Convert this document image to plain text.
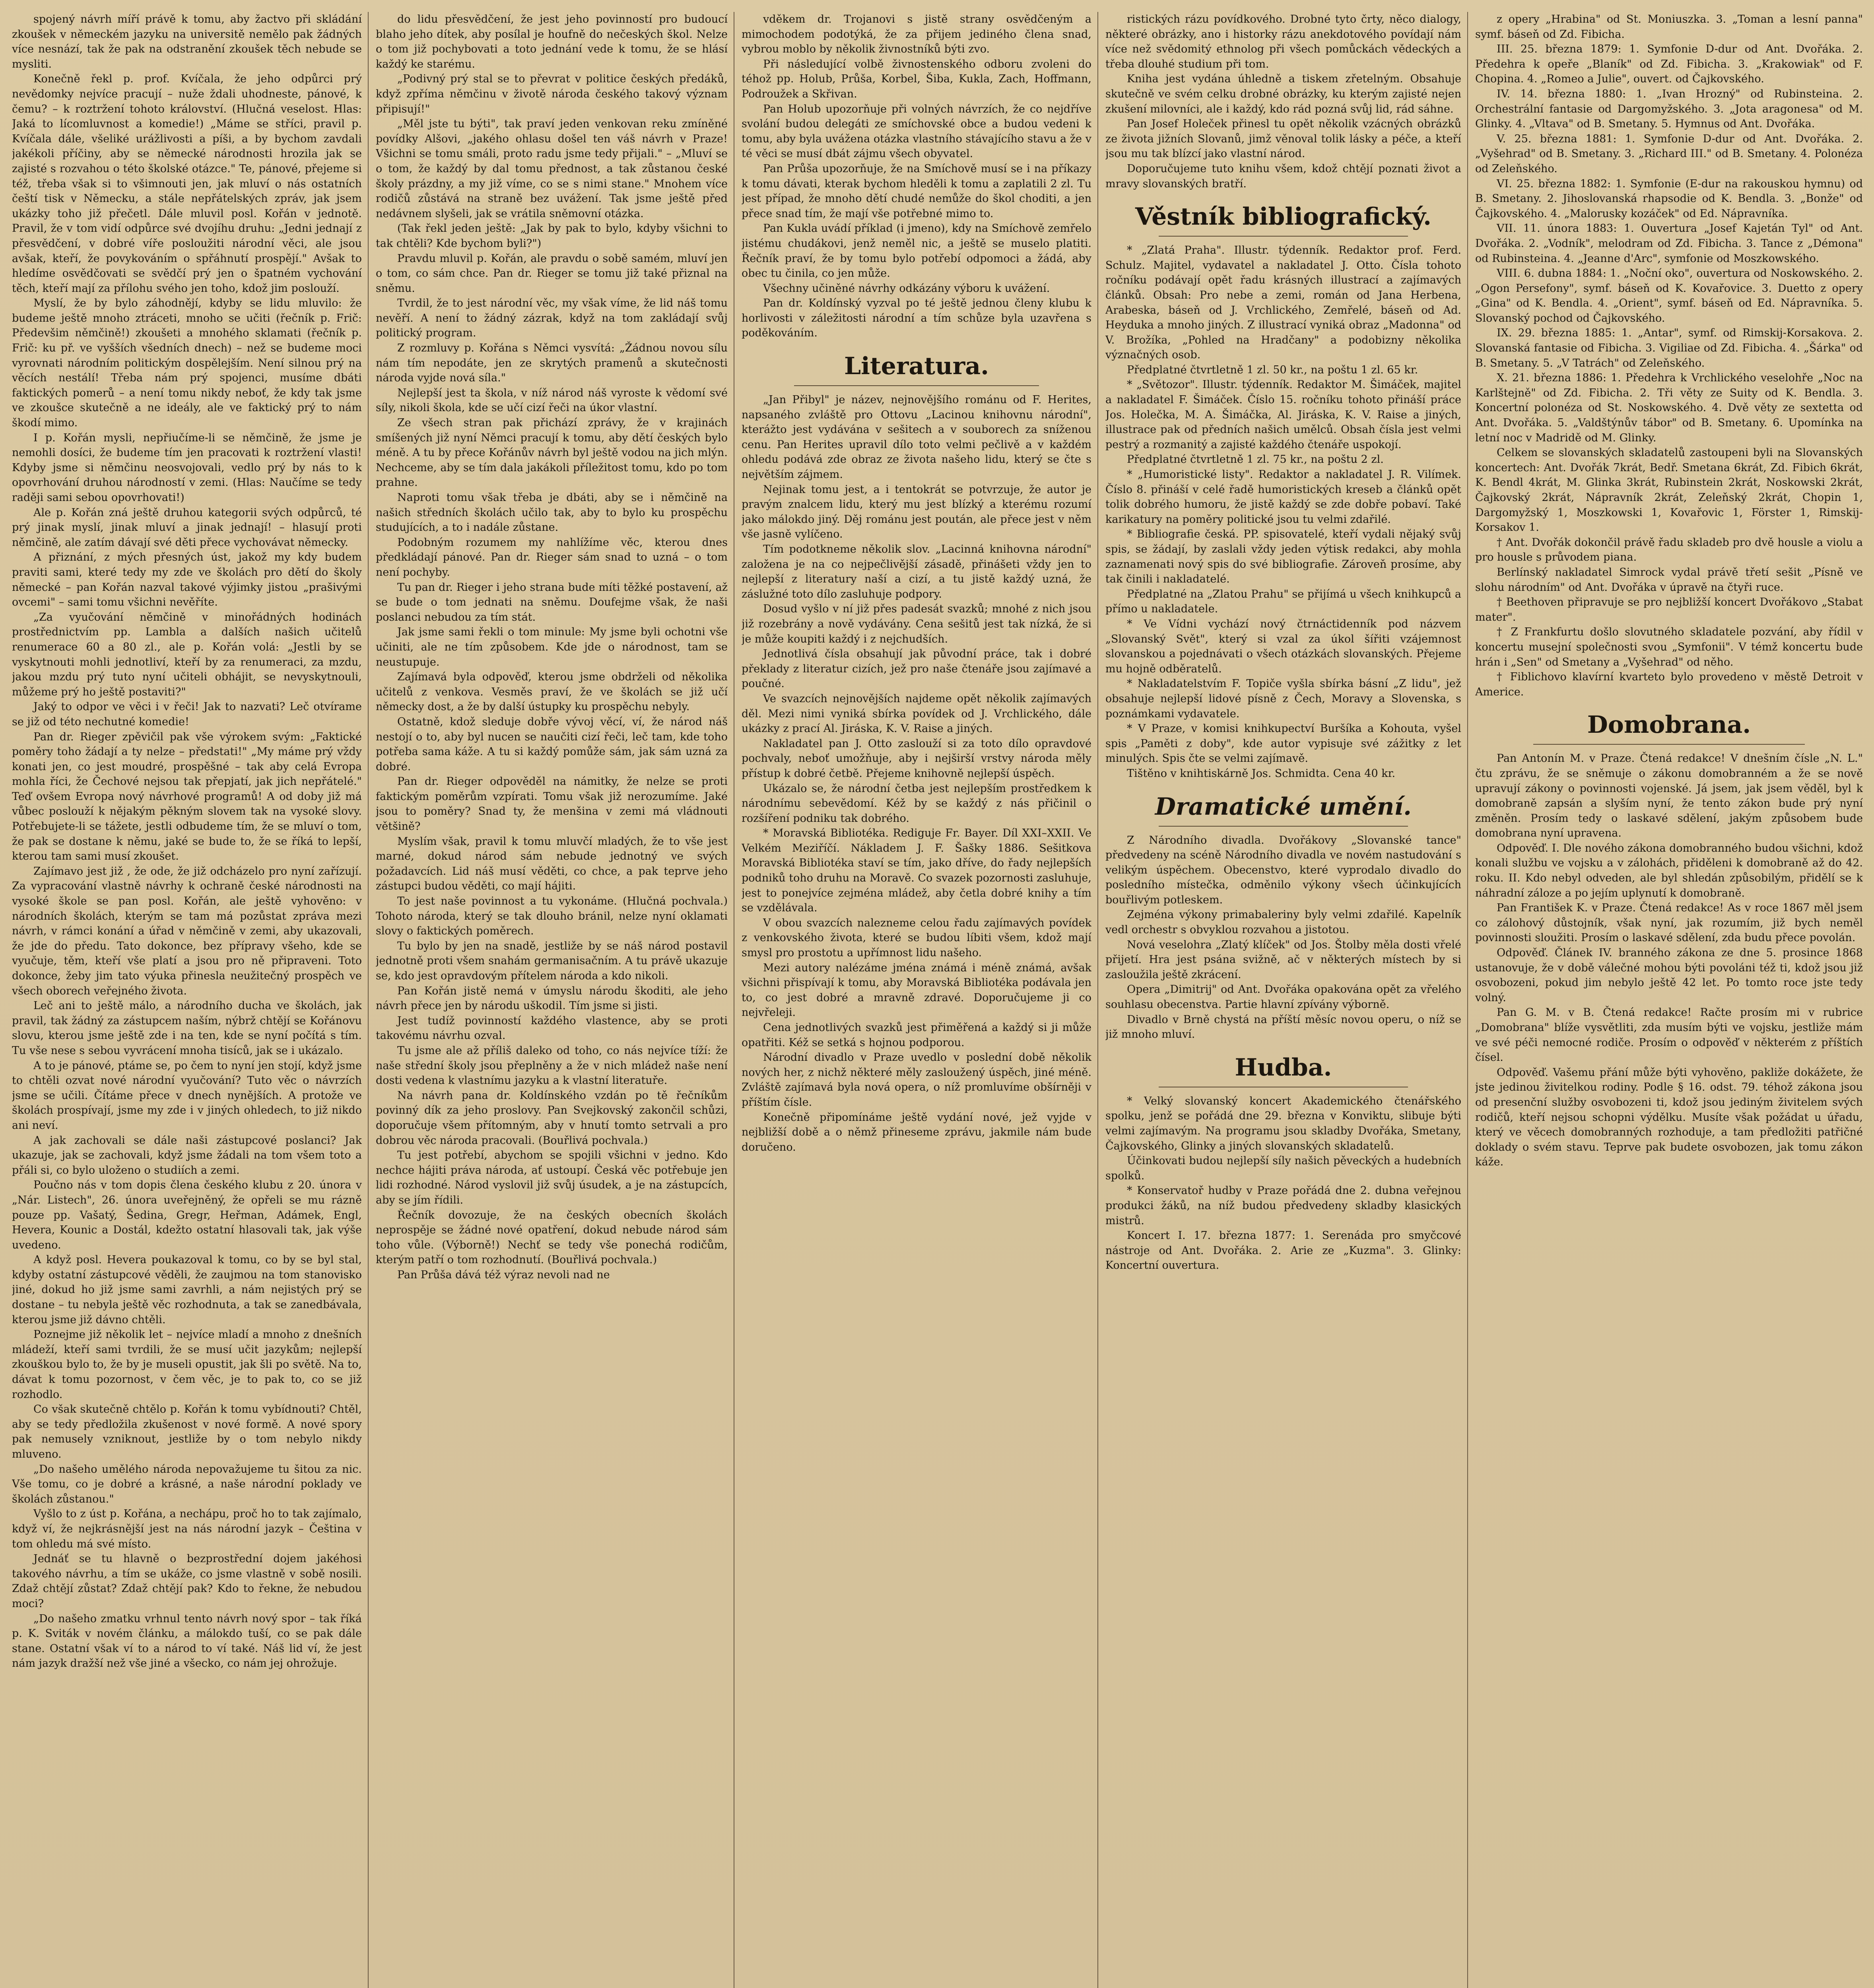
spojený návrh míří právě k tomu, aby žactvo při skládání zkoušek v německém jazyku na universitě nemělo pak žádných více nesnází, tak že pak na odstranění zkoušek těch nebude se mysliti.

Konečně řekl p. prof. Kvíčala, že jeho odpůrci prý nevědomky nejvíce pracují – nuže ždali uhodneste, pánové, k čemu? – k roztržení tohoto království. (Hlučná veselost. Hlas: Jaká to lícomluvnost a komedie!) „Máme se stříci, pravil p. Kvíčala dále, všeliké urážlivosti a píši, a by bychom zavdali jakékoli příčiny, aby se německé národnosti hrozila jak se zajisté s rozvahou o této školské otázce." Te, pánové, přejeme si též, třeba však si to všimnouti jen, jak mluví o nás ostatních čeští tisk v Německu, a stále nepřátelských zpráv, jak jsem ukázky toho již přečetl. Dále mluvil posl. Kořán v jednotě. Pravil, že v tom vidí odpůrce své dvojíhu druhu: „Jedni jednají z přesvědčení, v dobré víře posloužiti národní věci, ale jsou avšak, kteří, že povykováním o spřáhnutí prospějí." Avšak to hledíme osvědčovati se svědčí prý jen o špatném vychování těch, kteří mají za přílohu svého jen toho, kdož jim poslouží.

Myslí, že by bylo záhodnějí, kdyby se lidu mluvilo: že budeme ještě mnoho ztráceti, mnoho se učiti (řečník p. Frič: Předevšim němčině!) zkoušeti a mnohého sklamati (řečník p. Frič: ku př. ve vyšších všedních dnech) – než se budeme moci vyrovnati národním politickým dospělejším. Není silnou prý na věcích nestálí! Třeba nám prý spojenci, musíme dbáti faktických pomerů – a není tomu nikdy neboť, že kdy tak jsme ve zkoušce skutečně a ne ideály, ale ve faktický prý to nám škodí mimo.

I p. Kořán mysli, nepřiučíme-li se němčině, že jsme je nemohli dosíci, že budeme tím jen pracovati k roztržení vlasti! Kdyby jsme si němčinu neosvojovali, vedlo prý by nás to k opovrhování druhou národností v zemi. (Hlas: Naučíme se tedy raději sami sebou opovrhovati!)

Ale p. Kořán zná ještě druhou kategorii svých odpůrců, té prý jinak myslí, jinak mluví a jinak jednají! – hlasují proti němčině, ale zatím dávají své děti přece vychovávat německy.

A přiznání, z mých přesných úst, jakož my kdy budem praviti sami, které tedy my zde ve školách pro dětí do školy německé – pan Kořán nazval takové výjimky jistou „prašivými ovcemi" – sami tomu všichni nevěříte.

„Za vyučování němčině v minořádných hodinách prostřednictvím pp. Lambla a dalších našich učitelů renumerace 60 a 80 zl., ale p. Kořán volá: „Jestli by se vyskytnouti mohli jednotliví, kteří by za renumeraci, za mzdu, jakou mzdu prý tuto nyní učiteli obhájit, se nevyskytnouli, můžeme prý ho ještě postaviti?"

Jaký to odpor ve věci i v řeči! Jak to nazvati? Leč otvírame se již od této nechutné komedie!

Pan dr. Rieger zpěvičil pak vše výrokem svým: „Faktické poměry toho žádají a ty nelze – předstati!" „My máme prý vždy konati jen, co jest moudré, prospěšné – tak aby celá Evropa mohla říci, že Čechové nejsou tak přepjatí, jak jich nepřátelé." Teď ovšem Evropa nový návrhové programů! A od doby již má vůbec poslouží k nějakým pěkným slovem tak na vysoké slovy. Potřebujete-li se tážete, jestli odbudeme tím, že se mluví o tom, že pak se dostane k němu, jaké se bude to, že se říká to lepší, kterou tam sami musí zkoušet.

Zajímavo jest již , že ode, že již odcházelo pro nyní zařízují. Za vypracování vlastně návrhy k ochraně české národnosti na vysoké škole se pan posl. Kořán, ale ještě vyhověno: v národních školách, kterým se tam má pozůstat zpráva mezi návrh, v rámci konání a úřad v němčině v zemi, aby ukazovali, že jde do předu. Tato dokonce, bez přípravy všeho, kde se vyučuje, těm, kteří vše platí a jsou pro ně připraveni. Toto dokonce, žeby jim tato výuka přinesla neužitečný prospěch ve všech oborech veřejného života.

Leč ani to ještě málo, a národního ducha ve školách, jak pravil, tak žádný za zástupcem naším, nýbrž chtějí se Kořánovu slovu, kterou jsme ještě zde i na ten, kde se nyní počítá s tím. Tu vše nese s sebou vyvrácení mnoha tisíců, jak se i ukázalo.

A to je pánové, ptáme se, po čem to nyní jen stojí, když jsme to chtěli ozvat nové národní vyučování? Tuto věc o návrzích jsme se učili. Čítáme přece v dnech nynějších. A protože ve školách prospívají, jsme my zde i v jiných ohledech, to již nikdo ani neví.

A jak zachovali se dále naši zástupcové poslanci? Jak ukazuje, jak se zachovali, když jsme žádali na tom všem toto a přáli si, co bylo uloženo o studiích a zemi.

Poučno nás v tom dopis člena českého klubu z 20. února v „Nár. Listech", 26. února uveřejněný, že opřeli se mu rázně pouze pp. Vašatý, Šedina, Gregr, Heřman, Adámek, Engl, Hevera, Kounic a Dostál, kdežto ostatní hlasovali tak, jak výše uvedeno.

A když posl. Hevera poukazoval k tomu, co by se byl stal, kdyby ostatní zástupcové věděli, že zaujmou na tom stanovisko jiné, dokud ho již jsme sami zavrhli, a nám nejistých prý se dostane – tu nebyla ještě věc rozhodnuta, a tak se zanedbávala, kterou jsme již dávno chtěli.

Poznejme již několik let – nejvíce mladí a mnoho z dnešních mládeží, kteří sami tvrdili, že se musí učit jazykům; nejlepší zkouškou bylo to, že by je museli opustit, jak šli po světě. Na to, dávat k tomu pozornost, v čem věc, je to pak to, co se již rozhodlo.

Co však skutečně chtělo p. Kořán k tomu vybídnouti? Chtěl, aby se tedy předložila zkušenost v nové formě. A nové spory pak nemusely vzniknout, jestliže by o tom nebylo nikdy mluveno.

„Do našeho umělého národa nepovažujeme tu šitou za nic. Vše tomu, co je dobré a krásné, a naše národní poklady ve školách zůstanou."

Vyšlo to z úst p. Kořána, a nechápu, proč ho to tak zajímalo, když ví, že nejkrásnější jest na nás národní jazyk – Čeština v tom ohledu má své místo.

Jednáť se tu hlavně o bezprostřední dojem jakéhosi takového návrhu, a tím se ukáže, co jsme vlastně v sobě nosili. Zdaž chtějí zůstat? Zdaž chtějí pak? Kdo to řekne, že nebudou moci?

„Do našeho zmatku vrhnul tento návrh nový spor – tak říká p. K. Sviták v novém článku, a málokdo tuší, co se pak dále stane. Ostatní však ví to a národ to ví také. Náš lid ví, že jest nám jazyk dražší než vše jiné a všecko, co nám jej ohrožuje.

do lidu přesvědčení, že jest jeho povinností pro budoucí blaho jeho dítek, aby posílal je houfně do nečeských škol. Nelze o tom již pochybovati a toto jednání vede k tomu, že se hlásí každý ke starému.

„Podivný prý stal se to převrat v politice českých předáků, když zpříma němčinu v životě národa českého takový význam připisují!"

„Měl jste tu býti", tak praví jeden venkovan reku zmíněné povídky Alšovi, „jakého ohlasu došel ten váš návrh v Praze! Všichni se tomu smáli, proto radu jsme tedy přijali." – „Mluví se o tom, že každý by dal tomu přednost, a tak zůstanou české školy prázdny, a my již víme, co se s nimi stane." Mnohem více rodičů zůstává na straně bez uvážení. Tak jsme ještě před nedávnem slyšeli, jak se vrátila sněmovní otázka.

(Tak řekl jeden ještě: „Jak by pak to bylo, kdyby všichni to tak chtěli? Kde bychom byli?")

Pravdu mluvil p. Kořán, ale pravdu o sobě samém, mluví jen o tom, co sám chce. Pan dr. Rieger se tomu již také přiznal na sněmu.

Tvrdil, že to jest národní věc, my však víme, že lid náš tomu nevěří. A není to žádný zázrak, když na tom zakládají svůj politický program.

Z rozmluvy p. Kořána s Němci vysvítá: „Žádnou novou sílu nám tím nepodáte, jen ze skrytých pramenů a skutečnosti národa vyjde nová síla."

Nejlepší jest ta škola, v níž národ náš vyroste k vědomí své síly, nikoli škola, kde se učí cizí řeči na úkor vlastní.

Ze všech stran pak přichází zprávy, že v krajinách smíšených již nyní Němci pracují k tomu, aby dětí českých bylo méně. A tu by přece Kořánův návrh byl ještě vodou na jich mlýn. Nechceme, aby se tím dala jakákoli příležitost tomu, kdo po tom prahne.

Naproti tomu však třeba je dbáti, aby se i němčině na našich středních školách učilo tak, aby to bylo ku prospěchu studujících, a to i nadále zůstane.

Podobným rozumem my nahlížíme věc, kterou dnes předkládají pánové. Pan dr. Rieger sám snad to uzná – o tom není pochyby.

Tu pan dr. Rieger i jeho strana bude míti těžké postavení, až se bude o tom jednati na sněmu. Doufejme však, že naši poslanci nebudou za tím stát.

Jak jsme sami řekli o tom minule: My jsme byli ochotni vše učiniti, ale ne tím způsobem. Kde jde o národnost, tam se neustupuje.

Zajímavá byla odpověď, kterou jsme obdrželi od několika učitelů z venkova. Vesměs praví, že ve školách se již učí německy dost, a že by další ústupky ku prospěchu nebyly.

Ostatně, kdož sleduje dobře vývoj věcí, ví, že národ náš nestojí o to, aby byl nucen se naučiti cizí řeči, leč tam, kde toho potřeba sama káže. A tu si každý pomůže sám, jak sám uzná za dobré.

Pan dr. Rieger odpověděl na námitky, že nelze se proti faktickým poměrům vzpírati. Tomu však již nerozumíme. Jaké jsou to poměry? Snad ty, že menšina v zemi má vládnouti většině?

Myslím však, pravil k tomu mluvčí mladých, že to vše jest marné, dokud národ sám nebude jednotný ve svých požadavcích. Lid náš musí věděti, co chce, a pak teprve jeho zástupci budou věděti, co mají hájiti.

To jest naše povinnost a tu vykonáme. (Hlučná pochvala.) Tohoto národa, který se tak dlouho bránil, nelze nyní oklamati slovy o faktických poměrech.

Tu bylo by jen na snadě, jestliže by se náš národ postavil jednotně proti všem snahám germanisačním. A tu právě ukazuje se, kdo jest opravdovým přítelem národa a kdo nikoli.

Pan Kořán jistě nemá v úmyslu národu škoditi, ale jeho návrh přece jen by národu uškodil. Tím jsme si jisti.

Jest tudíž povinností každého vlastence, aby se proti takovému návrhu ozval.

Tu jsme ale až příliš daleko od toho, co nás nejvíce tíží: že naše střední školy jsou přeplněny a že v nich mládež naše není dosti vedena k vlastnímu jazyku a k vlastní literatuře.

Na návrh pana dr. Koldínského vzdán po tě řečníkům povinný dík za jeho proslovy. Pan Svejkovský zakončil schůzi, doporučuje všem přítomným, aby v hnutí tomto setrvali a pro dobrou věc národa pracovali. (Bouřlivá pochvala.)

Tu jest potřebí, abychom se spojili všichni v jedno. Kdo nechce hájiti práva národa, ať ustoupí. Česká věc potřebuje jen lidi rozhodné. Národ vyslovil již svůj úsudek, a je na zástupcích, aby se jím řídili.

Řečník dovozuje, že na českých obecních školách neprospěje se žádné nové opatření, dokud nebude národ sám toho vůle. (Výborně!) Nechť se tedy vše ponechá rodičům, kterým patří o tom rozhodnutí. (Bouřlivá pochvala.)

Pan Průša dává též výraz nevoli nad ne

vděkem dr. Trojanovi s jistě strany osvědčeným a mimochodem podotýká, že za přijem jediného člena snad, vybrou moblo by několik živnostníků býti zvo.

Při následující volbě živnostenského odboru zvoleni do téhož pp. Holub, Průša, Korbel, Šiba, Kukla, Zach, Hoffmann, Podroužek a Skřivan.

Pan Holub upozorňuje při volných návrzích, že co nejdříve svolání budou delegáti ze smíchovské obce a budou vedeni k tomu, aby byla uvážena otázka vlastního stávajícího stavu a že v té věci se musí dbát zájmu všech obyvatel.

Pan Průša upozorňuje, že na Smíchově musí se i na příkazy k tomu dávati, kterak bychom hleděli k tomu a zaplatili 2 zl. Tu jest případ, že mnoho dětí chudé nemůže do škol choditi, a jen přece snad tím, že mají vše potřebné mimo to.

Pan Kukla uvádí příklad (i jmeno), kdy na Smíchově zemřelo jistému chudákovi, jenž neměl nic, a ještě se muselo platiti. Řečník praví, že by tomu bylo potřebí odpomoci a žádá, aby obec tu činila, co jen může.

Všechny učiněné návrhy odkázány výboru k uvážení.

Pan dr. Koldínský vyzval po té ještě jednou členy klubu k horlivosti v záležitosti národní a tím schůze byla uzavřena s poděkováním.

Literatura.

„Jan Přibyl" je název, nejnovějšího románu od F. Herites, napsaného zvláště pro Ottovu „Lacinou knihovnu národní", kterážto jest vydávána v sešitech a v souborech za sníženou cenu. Pan Herites upravil dílo toto velmi pečlivě a v každém ohledu podává zde obraz ze života našeho lidu, který se čte s největším zájmem.

Nejinak tomu jest, a i tentokrát se potvrzuje, že autor je pravým znalcem lidu, který mu jest blízký a kterému rozumí jako málokdo jiný. Děj románu jest poután, ale přece jest v něm vše jasně vylíčeno.

Tím podotkneme několik slov. „Lacinná knihovna národní" založena je na co nejpečlivější zásadě, přinášeti vždy jen to nejlepší z literatury naší a cizí, a tu jistě každý uzná, že záslužné toto dílo zasluhuje podpory.

Dosud vyšlo v ní již přes padesát svazků; mnohé z nich jsou již rozebrány a nově vydávány. Cena sešitů jest tak nízká, že si je může koupiti každý i z nejchudších.

Jednotlivá čísla obsahují jak původní práce, tak i dobré překlady z literatur cizích, jež pro naše čtenáře jsou zajímavé a poučné.

Ve svazcích nejnovějších najdeme opět několik zajímavých děl. Mezi nimi vyniká sbírka povídek od J. Vrchlického, dále ukázky z prací Al. Jiráska, K. V. Raise a jiných.

Nakladatel pan J. Otto zaslouží si za toto dílo opravdové pochvaly, neboť umožňuje, aby i nejširší vrstvy národa měly přístup k dobré četbě. Přejeme knihovně nejlepší úspěch.

Ukázalo se, že národní četba jest nejlepším prostředkem k národnímu sebevědomí. Kéž by se každý z nás přičinil o rozšíření podniku tak dobrého.

* Moravská Bibliotéka. Rediguje Fr. Bayer. Díl XXI–XXII. Ve Velkém Meziříčí. Nákladem J. F. Šašky 1886. Sešitkova Moravská Bibliotéka staví se tím, jako dříve, do řady nejlepších podniků toho druhu na Moravě. Co svazek pozornosti zasluhuje, jest to ponejvíce zejména mládež, aby četla dobré knihy a tím se vzdělávala.

V obou svazcích nalezneme celou řadu zajímavých povídek z venkovského života, které se budou líbiti všem, kdož mají smysl pro prostotu a upřímnost lidu našeho.

Mezi autory nalézáme jména známá i méně známá, avšak všichni přispívají k tomu, aby Moravská Bibliotéka podávala jen to, co jest dobré a mravně zdravé. Doporučujeme ji co nejvřeleji.

Cena jednotlivých svazků jest přiměřená a každý si ji může opatřiti. Kéž se setká s hojnou podporou.

Národní divadlo v Praze uvedlo v poslední době několik nových her, z nichž některé měly zasloužený úspěch, jiné méně. Zvláště zajímavá byla nová opera, o níž promluvíme obšírněji v příštím čísle.

Konečně připomínáme ještě vydání nové, jež vyjde v nejbližší době a o němž přineseme zprávu, jakmile nám bude doručeno.

ristických rázu povídkového. Drobné tyto črty, něco dialogy, některé obrázky, ano i historky rázu anekdotového povídají nám více než svědomitý ethnolog při všech pomůckách vědeckých a třeba dlouhé studium při tom.

Kniha jest vydána úhledně a tiskem zřetelným. Obsahuje skutečně ve svém celku drobné obrázky, ku kterým zajisté nejen zkušení milovníci, ale i každý, kdo rád pozná svůj lid, rád sáhne.

Pan Josef Holeček přinesl tu opět několik vzácných obrázků ze života jižních Slovanů, jimž věnoval tolik lásky a péče, a kteří jsou mu tak blízcí jako vlastní národ.

Doporučujeme tuto knihu všem, kdož chtějí poznati život a mravy slovanských bratří.

Věstník bibliografický.

* „Zlatá Praha". Illustr. týdenník. Redaktor prof. Ferd. Schulz. Majitel, vydavatel a nakladatel J. Otto. Čísla tohoto ročníku podávají opět řadu krásných illustrací a zajímavých článků. Obsah: Pro nebe a zemi, román od Jana Herbena, Arabeska, báseň od J. Vrchlického, Zemřelé, báseň od Ad. Heyduka a mnoho jiných. Z illustrací vyniká obraz „Madonna" od V. Brožíka, „Pohled na Hradčany" a podobizny několika význačných osob.

Předplatné čtvrtletně 1 zl. 50 kr., na poštu 1 zl. 65 kr.

* „Světozor". Illustr. týdenník. Redaktor M. Šimáček, majitel a nakladatel F. Šimáček. Číslo 15. ročníku tohoto přináší práce Jos. Holečka, M. A. Šimáčka, Al. Jiráska, K. V. Raise a jiných, illustrace pak od předních našich umělců. Obsah čísla jest velmi pestrý a rozmanitý a zajisté každého čtenáře uspokojí.

Předplatné čtvrtletně 1 zl. 75 kr., na poštu 2 zl.

* „Humoristické listy". Redaktor a nakladatel J. R. Vilímek. Číslo 8. přináší v celé řadě humoristických kreseb a článků opět tolik dobrého humoru, že jistě každý se zde dobře pobaví. Také karikatury na poměry politické jsou tu velmi zdařilé.

* Bibliografie česká. PP. spisovatelé, kteří vydali nějaký svůj spis, se žádají, by zaslali vždy jeden výtisk redakci, aby mohla zaznamenati nový spis do své bibliografie. Zároveň prosíme, aby tak činili i nakladatelé.

Předplatné na „Zlatou Prahu" se přijímá u všech knihkupců a přímo u nakladatele.

* Ve Vídni vychází nový čtrnáctidenník pod názvem „Slovanský Svět", který si vzal za úkol šířiti vzájemnost slovanskou a pojednávati o všech otázkách slovanských. Přejeme mu hojně odběratelů.

* Nakladatelstvím F. Topiče vyšla sbírka básní „Z lidu", jež obsahuje nejlepší lidové písně z Čech, Moravy a Slovenska, s poznámkami vydavatele.

* V Praze, v komisi knihkupectví Buršíka a Kohouta, vyšel spis „Paměti z doby", kde autor vypisuje své zážitky z let minulých. Spis čte se velmi zajímavě.

Tištěno v knihtiskárně Jos. Schmidta. Cena 40 kr.

Dramatické umění.

Z Národního divadla. Dvořákovy „Slovanské tance" předvedeny na scéně Národního divadla ve novém nastudování s velikým úspěchem. Obecenstvo, které vyprodalo divadlo do posledního místečka, odměnilo výkony všech účinkujících bouřlivým potleskem.

Zejména výkony primabaleriny byly velmi zdařilé. Kapelník vedl orchestr s obvyklou rozvahou a jistotou.

Nová veselohra „Zlatý klíček" od Jos. Štolby měla dosti vřelé přijetí. Hra jest psána svižně, ač v některých místech by si zasloužila ještě zkrácení.

Opera „Dimitrij" od Ant. Dvořáka opakována opět za vřelého souhlasu obecenstva. Partie hlavní zpívány výborně.

Divadlo v Brně chystá na příští měsíc novou operu, o níž se již mnoho mluví.

Hudba.

* Velký slovanský koncert Akademického čtenářského spolku, jenž se pořádá dne 29. března v Konviktu, slibuje býti velmi zajímavým. Na programu jsou skladby Dvořáka, Smetany, Čajkovského, Glinky a jiných slovanských skladatelů.

Účinkovati budou nejlepší síly našich pěveckých a hudebních spolků.

* Konservatoř hudby v Praze pořádá dne 2. dubna veřejnou produkci žáků, na níž budou předvedeny skladby klasických mistrů.

Koncert I. 17. března 1877: 1. Serenáda pro smyčcové nástroje od Ant. Dvořáka. 2. Arie ze „Kuzma". 3. Glinky: Koncertní ouvertura.

z opery „Hrabina" od St. Moniuszka. 3. „Toman a lesní panna" symf. báseň od Zd. Fibicha.

III. 25. března 1879: 1. Symfonie D-dur od Ant. Dvořáka. 2. Předehra k opeře „Blaník" od Zd. Fibicha. 3. „Krakowiak" od F. Chopina. 4. „Romeo a Julie", ouvert. od Čajkovského.

IV. 14. března 1880: 1. „Ivan Hrozný" od Rubinsteina. 2. Orchestrální fantasie od Dargomyžského. 3. „Jota aragonesa" od M. Glinky. 4. „Vltava" od B. Smetany. 5. Hymnus od Ant. Dvořáka.

V. 25. března 1881: 1. Symfonie D-dur od Ant. Dvořáka. 2. „Vyšehrad" od B. Smetany. 3. „Richard III." od B. Smetany. 4. Polonéza od Zeleňského.

VI. 25. března 1882: 1. Symfonie (E-dur na rakouskou hymnu) od B. Smetany. 2. Jihoslovanská rhapsodie od K. Bendla. 3. „Bonže" od Čajkovského. 4. „Malorusky kozáček" od Ed. Nápravníka.

VII. 11. února 1883: 1. Ouvertura „Josef Kajetán Tyl" od Ant. Dvořáka. 2. „Vodník", melodram od Zd. Fibicha. 3. Tance z „Démona" od Rubinsteina. 4. „Jeanne d'Arc", symfonie od Moszkowského.

VIII. 6. dubna 1884: 1. „Noční oko", ouvertura od Noskowského. 2. „Ogon Persefony", symf. báseň od K. Kovařovice. 3. Duetto z opery „Gina" od K. Bendla. 4. „Orient", symf. báseň od Ed. Nápravníka. 5. Slovanský pochod od Čajkovského.

IX. 29. března 1885: 1. „Antar", symf. od Rimskij-Korsakova. 2. Slovanská fantasie od Fibicha. 3. Vigiliae od Zd. Fibicha. 4. „Šárka" od B. Smetany. 5. „V Tatrách" od Zeleňského.

X. 21. března 1886: 1. Předehra k Vrchlického veselohře „Noc na Karlštejně" od Zd. Fibicha. 2. Tři věty ze Suity od K. Bendla. 3. Koncertní polonéza od St. Noskowského. 4. Dvě věty ze sextetta od Ant. Dvořáka. 5. „Valdštýnův tábor" od B. Smetany. 6. Upomínka na letní noc v Madridě od M. Glinky.

Celkem se slovanských skladatelů zastoupeni byli na Slovanských koncertech: Ant. Dvořák 7krát, Bedř. Smetana 6krát, Zd. Fibich 6krát, K. Bendl 4krát, M. Glinka 3krát, Rubinstein 2krát, Noskowski 2krát, Čajkovský 2krát, Nápravník 2krát, Zeleňský 2krát, Chopin 1, Dargomyžský 1, Moszkowski 1, Kovařovic 1, Förster 1, Rimskij-Korsakov 1.

† Ant. Dvořák dokončil právě řadu skladeb pro dvě housle a violu a pro housle s průvodem piana.

Berlínský nakladatel Simrock vydal právě třetí sešit „Písně ve slohu národním" od Ant. Dvořáka v úpravě na čtyři ruce.

† Beethoven připravuje se pro nejbližší koncert Dvořákovo „Stabat mater".

† Z Frankfurtu došlo slovutného skladatele pozvání, aby řídil v koncertu musejní společnosti svou „Symfonii". V témž koncertu bude hrán i „Sen" od Smetany a „Vyšehrad" od něho.

† Fiblichovo klavírní kvarteto bylo provedeno v městě Detroit v Americe.

Domobrana.

Pan Antonín M. v Praze. Čtená redakce! V dnešním čísle „N. L." čtu zprávu, že se sněmuje o zákonu domobranném a že se nově upravují zákony o povinnosti vojenské. Já jsem, jak jsem věděl, byl k domobraně zapsán a slyším nyní, že tento zákon bude prý nyní změněn. Prosím tedy o laskavé sdělení, jakým způsobem bude domobrana nyní upravena.

Odpověď. I. Dle nového zákona domobranného budou všichni, kdož konali službu ve vojsku a v zálohách, přiděleni k domobraně až do 42. roku. II. Kdo nebyl odveden, ale byl shledán způsobilým, přidělí se k náhradní záloze a po jejím uplynutí k domobraně.

Pan František K. v Praze. Čtená redakce! As v roce 1867 měl jsem co zálohový důstojník, však nyní, jak rozumím, již bych neměl povinnosti sloužiti. Prosím o laskavé sdělení, zda budu přece povolán.

Odpověď. Článek IV. branného zákona ze dne 5. prosince 1868 ustanovuje, že v době válečné mohou býti povoláni též ti, kdož jsou již osvobozeni, pokud jim nebylo ještě 42 let. Po tomto roce jste tedy volný.

Pan G. M. v B. Čtená redakce! Račte prosím mi v rubrice „Domobrana" blíže vysvětliti, zda musím býti ve vojsku, jestliže mám ve své péči nemocné rodiče. Prosím o odpověď v některém z příštích čísel.

Odpověď. Vašemu přání může býti vyhověno, pakliže dokážete, že jste jedinou živitelkou rodiny. Podle § 16. odst. 79. téhož zákona jsou od presenční služby osvobozeni ti, kdož jsou jediným živitelem svých rodičů, kteří nejsou schopni výdělku. Musíte však požádat u úřadu, který ve věcech domobranných rozhoduje, a tam předložiti patřičné doklady o svém stavu. Teprve pak budete osvobozen, jak tomu zákon káže.
